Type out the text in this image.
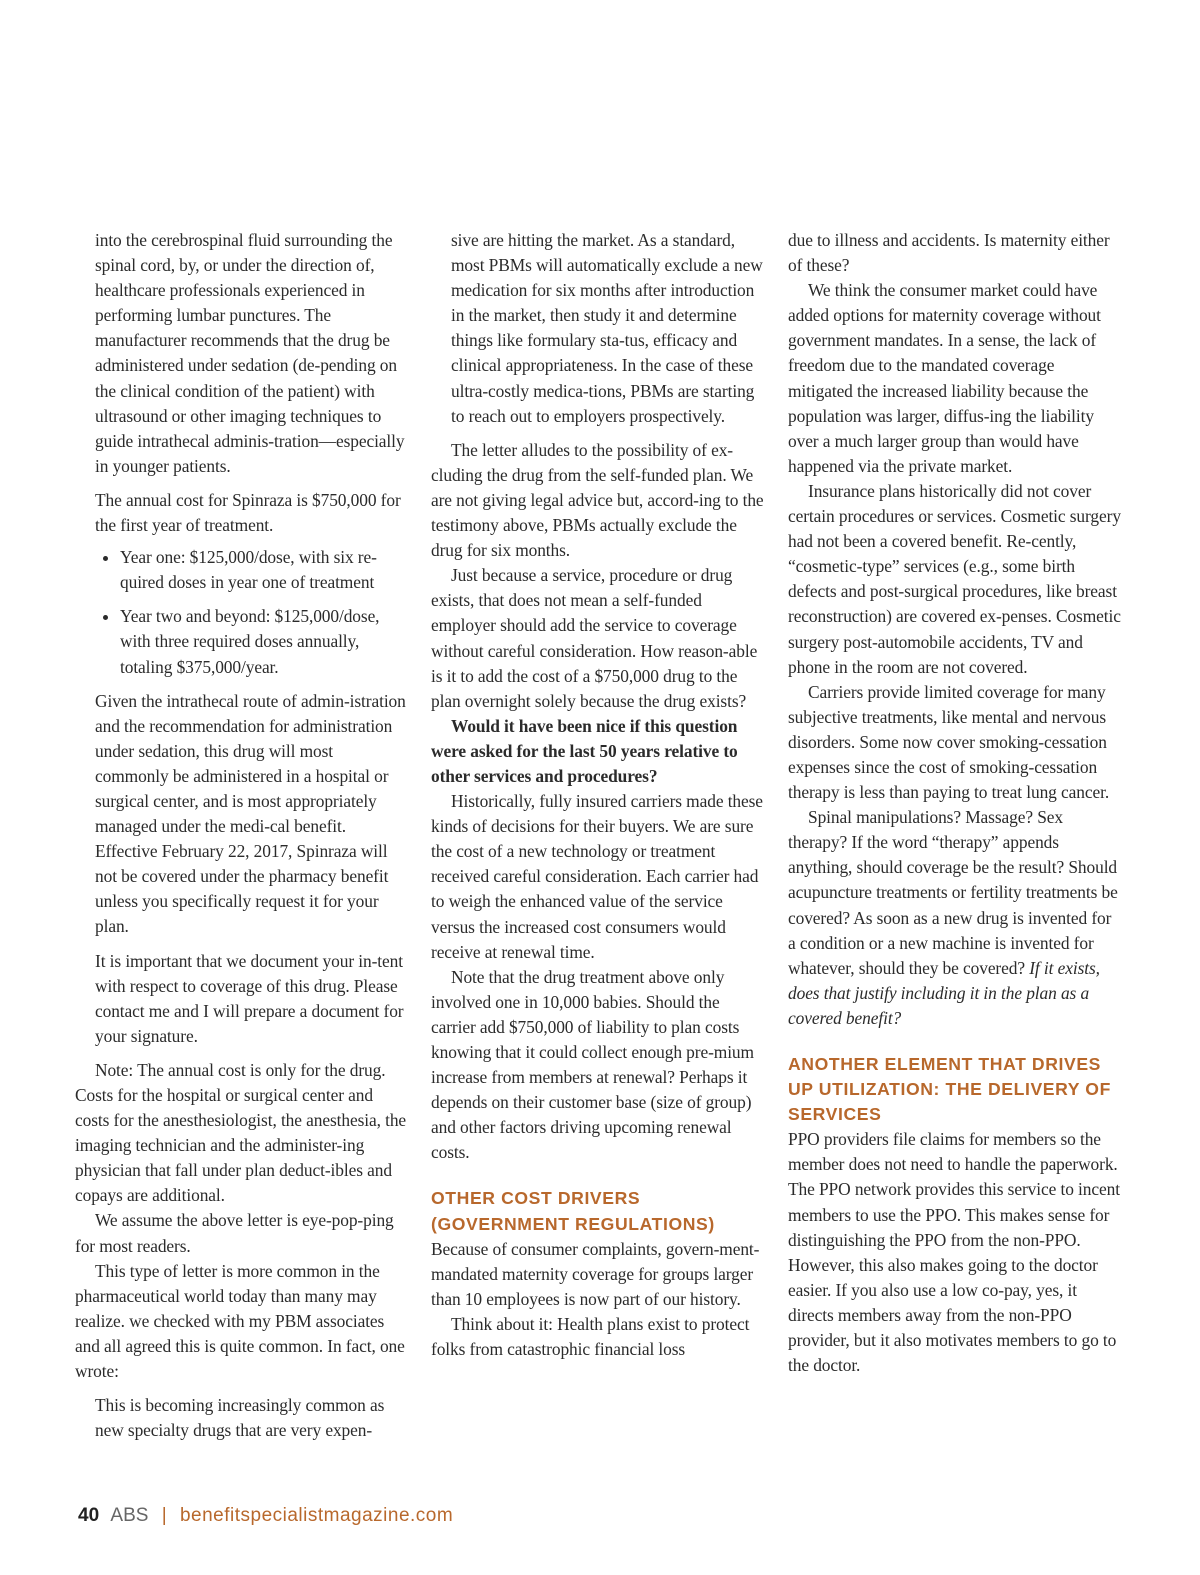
into the cerebrospinal fluid surrounding the spinal cord, by, or under the direction of, healthcare professionals experienced in performing lumbar punctures. The manufacturer recommends that the drug be administered under sedation (de-pending on the clinical condition of the patient) with ultrasound or other imaging techniques to guide intrathecal adminis-tration—especially in younger patients.

The annual cost for Spinraza is $750,000 for the first year of treatment.

• Year one: $125,000/dose, with six re-quired doses in year one of treatment
• Year two and beyond: $125,000/dose, with three required doses annually, totaling $375,000/year.

Given the intrathecal route of admin-istration and the recommendation for administration under sedation, this drug will most commonly be administered in a hospital or surgical center, and is most appropriately managed under the medi-cal benefit. Effective February 22, 2017, Spinraza will not be covered under the pharmacy benefit unless you specifically request it for your plan.

It is important that we document your in-tent with respect to coverage of this drug. Please contact me and I will prepare a document for your signature.

Note: The annual cost is only for the drug. Costs for the hospital or surgical center and costs for the anesthesiologist, the anesthesia, the imaging technician and the administer-ing physician that fall under plan deduct-ibles and copays are additional.

We assume the above letter is eye-pop-ping for most readers.

This type of letter is more common in the pharmaceutical world today than many may realize. we checked with my PBM associates and all agreed this is quite common. In fact, one wrote:

This is becoming increasingly common as new specialty drugs that are very expen-

sive are hitting the market. As a standard, most PBMs will automatically exclude a new medication for six months after introduction in the market, then study it and determine things like formulary sta-tus, efficacy and clinical appropriateness. In the case of these ultra-costly medica-tions, PBMs are starting to reach out to employers prospectively.

The letter alludes to the possibility of ex-cluding the drug from the self-funded plan. We are not giving legal advice but, accord-ing to the testimony above, PBMs actually exclude the drug for six months.

Just because a service, procedure or drug exists, that does not mean a self-funded employer should add the service to coverage without careful consideration. How reason-able is it to add the cost of a $750,000 drug to the plan overnight solely because the drug exists?

Would it have been nice if this question were asked for the last 50 years relative to other services and procedures?

Historically, fully insured carriers made these kinds of decisions for their buyers. We are sure the cost of a new technology or treatment received careful consideration. Each carrier had to weigh the enhanced value of the service versus the increased cost consumers would receive at renewal time.

Note that the drug treatment above only involved one in 10,000 babies. Should the carrier add $750,000 of liability to plan costs knowing that it could collect enough pre-mium increase from members at renewal? Perhaps it depends on their customer base (size of group) and other factors driving upcoming renewal costs.

OTHER COST DRIVERS (GOVERNMENT REGULATIONS)

Because of consumer complaints, govern-ment-mandated maternity coverage for groups larger than 10 employees is now part of our history.

Think about it: Health plans exist to protect folks from catastrophic financial loss

due to illness and accidents. Is maternity either of these?

We think the consumer market could have added options for maternity coverage without government mandates. In a sense, the lack of freedom due to the mandated coverage mitigated the increased liability because the population was larger, diffus-ing the liability over a much larger group than would have happened via the private market.

Insurance plans historically did not cover certain procedures or services. Cosmetic surgery had not been a covered benefit. Re-cently, “cosmetic-type” services (e.g., some birth defects and post-surgical procedures, like breast reconstruction) are covered ex-penses. Cosmetic surgery post-automobile accidents, TV and phone in the room are not covered.

Carriers provide limited coverage for many subjective treatments, like mental and nervous disorders. Some now cover smoking-cessation expenses since the cost of smoking-cessation therapy is less than paying to treat lung cancer.

Spinal manipulations? Massage? Sex therapy? If the word “therapy” appends anything, should coverage be the result? Should acupuncture treatments or fertility treatments be covered? As soon as a new drug is invented for a condition or a new machine is invented for whatever, should they be covered? If it exists, does that justify including it in the plan as a covered benefit?

ANOTHER ELEMENT THAT DRIVES UP UTILIZATION: THE DELIVERY OF SERVICES

PPO providers file claims for members so the member does not need to handle the paperwork. The PPO network provides this service to incent members to use the PPO. This makes sense for distinguishing the PPO from the non-PPO. However, this also makes going to the doctor easier. If you also use a low co-pay, yes, it directs members away from the non-PPO provider, but it also motivates members to go to the doctor.

40 ABS | benefitspecialistmagazine.com
